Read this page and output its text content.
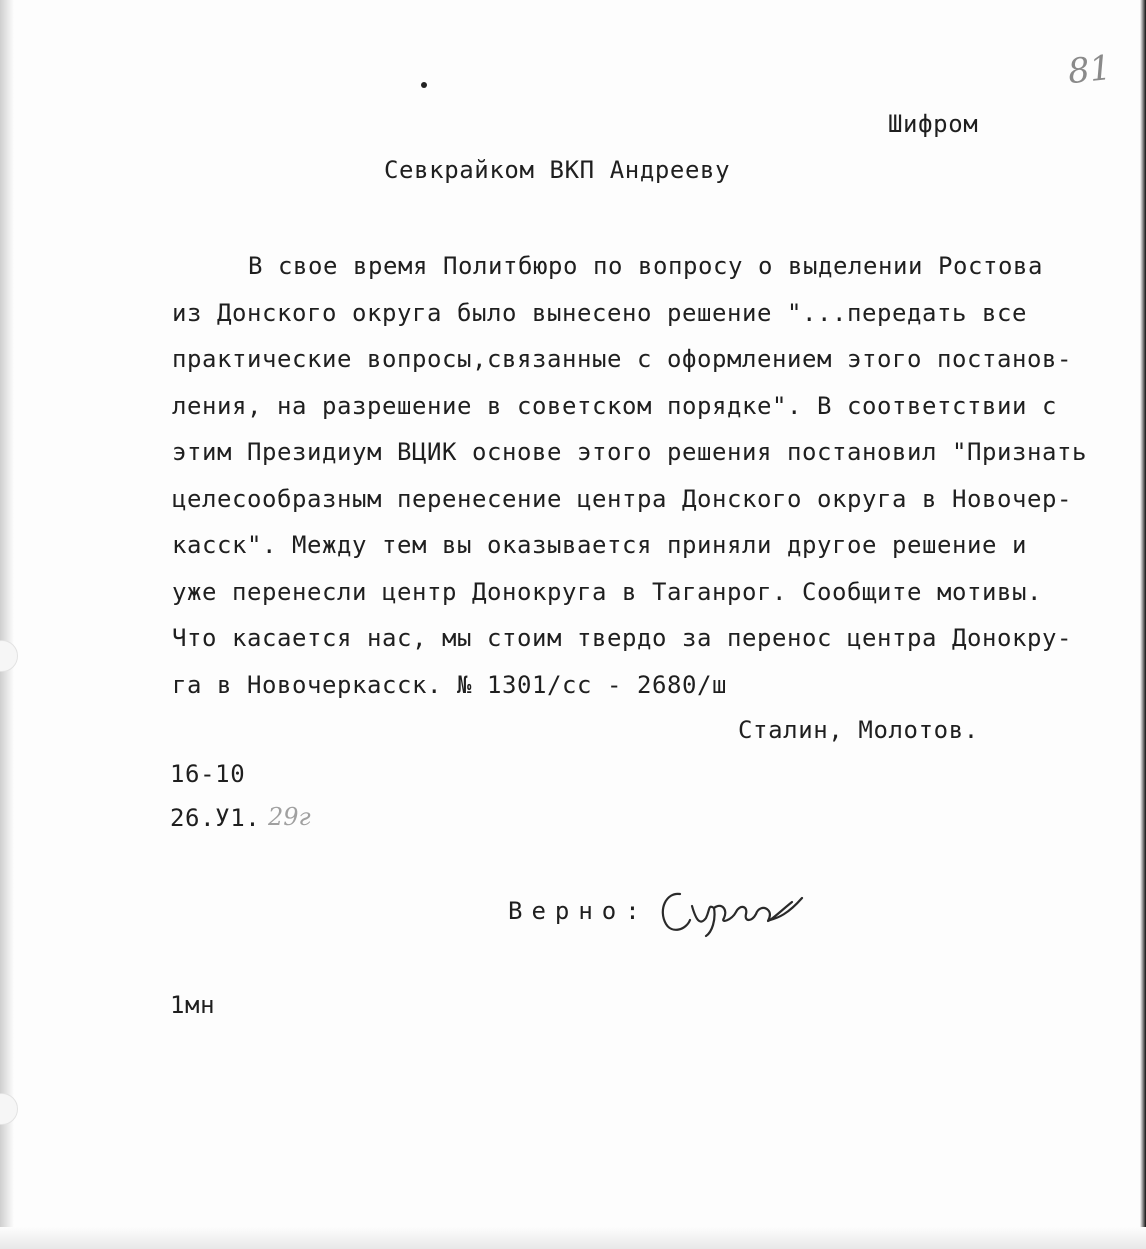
81
Шифром
Севкрайком ВКП Андрееву
В свое время Политбюро по вопросу о выделении Ростова
из Донского округа было вынесено решение "...передать все
практические вопросы,связанные с оформлением этого постанов-
ления, на разрешение в советском порядке". В соответствии с
этим Президиум ВЦИК основе этого решения постановил "Признать
целесообразным перенесение центра Донского округа в Новочер-
касск". Между тем вы оказывается приняли другое решение и
уже перенесли центр Донокруга в Таганрог. Сообщите мотивы.
Что касается нас, мы стоим твердо за перенос центра Донокру-
га в Новочеркасск. № 1301/сс - 2680/ш
Сталин, Молотов.
16-10
26.У1. 29г
Верно:
1мн
